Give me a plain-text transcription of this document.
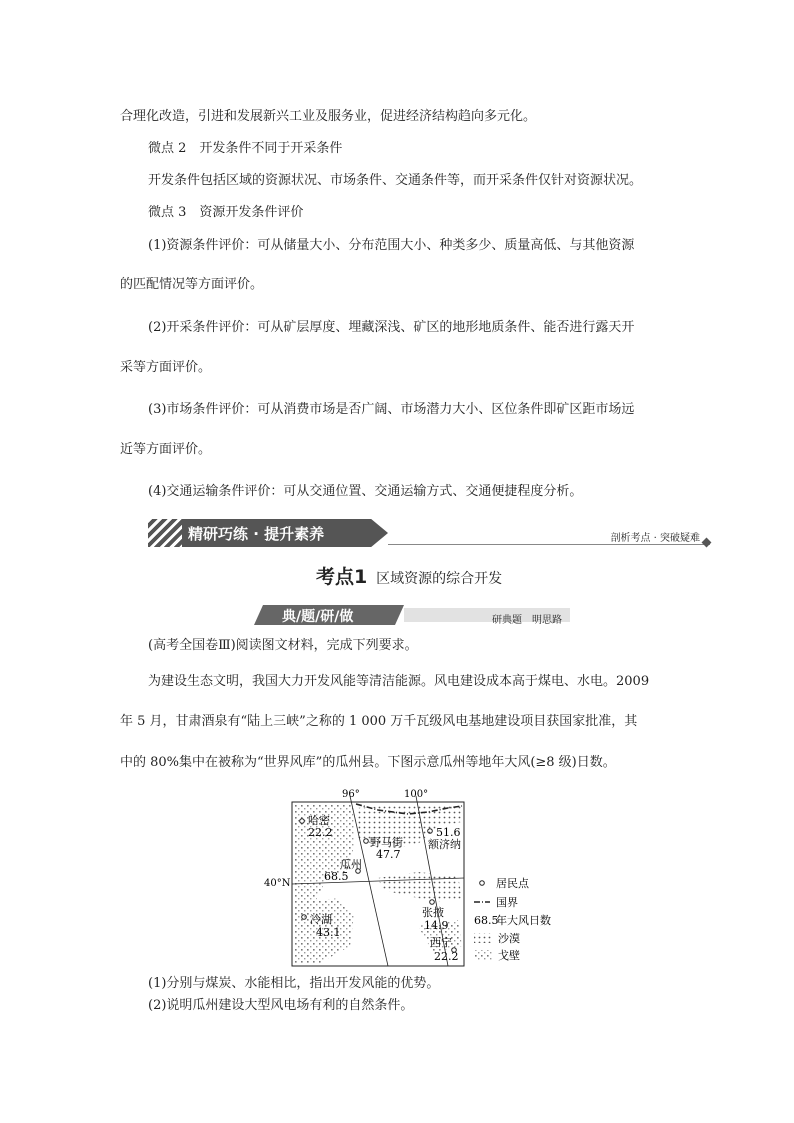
合理化改造，引进和发展新兴工业及服务业，促进经济结构趋向多元化。
微点 2　开发条件不同于开采条件
开发条件包括区域的资源状况、市场条件、交通条件等，而开采条件仅针对资源状况。
微点 3　资源开发条件评价
(1)资源条件评价：可从储量大小、分布范围大小、种类多少、质量高低、与其他资源
的匹配情况等方面评价。
(2)开采条件评价：可从矿层厚度、埋藏深浅、矿区的地形地质条件、能否进行露天开
采等方面评价。
(3)市场条件评价：可从消费市场是否广阔、市场潜力大小、区位条件即矿区距市场远
近等方面评价。
(4)交通运输条件评价：可从交通位置、交通运输方式、交通便捷程度分析。
精研巧练 · 提升素养	剖析考点 · 突破疑难
考点1 区域资源的综合开发
研典题　明思路
典/题/研/做
(高考全国卷Ⅲ)阅读图文材料，完成下列要求。
为建设生态文明，我国大力开发风能等清洁能源。风电建设成本高于煤电、水电。2009
年 5 月，甘肃酒泉有“陆上三峡”之称的 1 000 万千瓦级风电基地建设项目获国家批准，其
中的 80%集中在被称为“世界风库”的瓜州县。下图示意瓜州等地年大风(≥8 级)日数。
96°	100°
40°N
哈密
22.2
野马街
47.7
51.6
额济纳
瓜州
68.5
冷湖
43.1
张掖
14.9
西宁
22.2
居民点
国界
68.5
年大风日数
沙漠
戈壁
(1)分别与煤炭、水能相比，指出开发风能的优势。
(2)说明瓜州建设大型风电场有利的自然条件。
